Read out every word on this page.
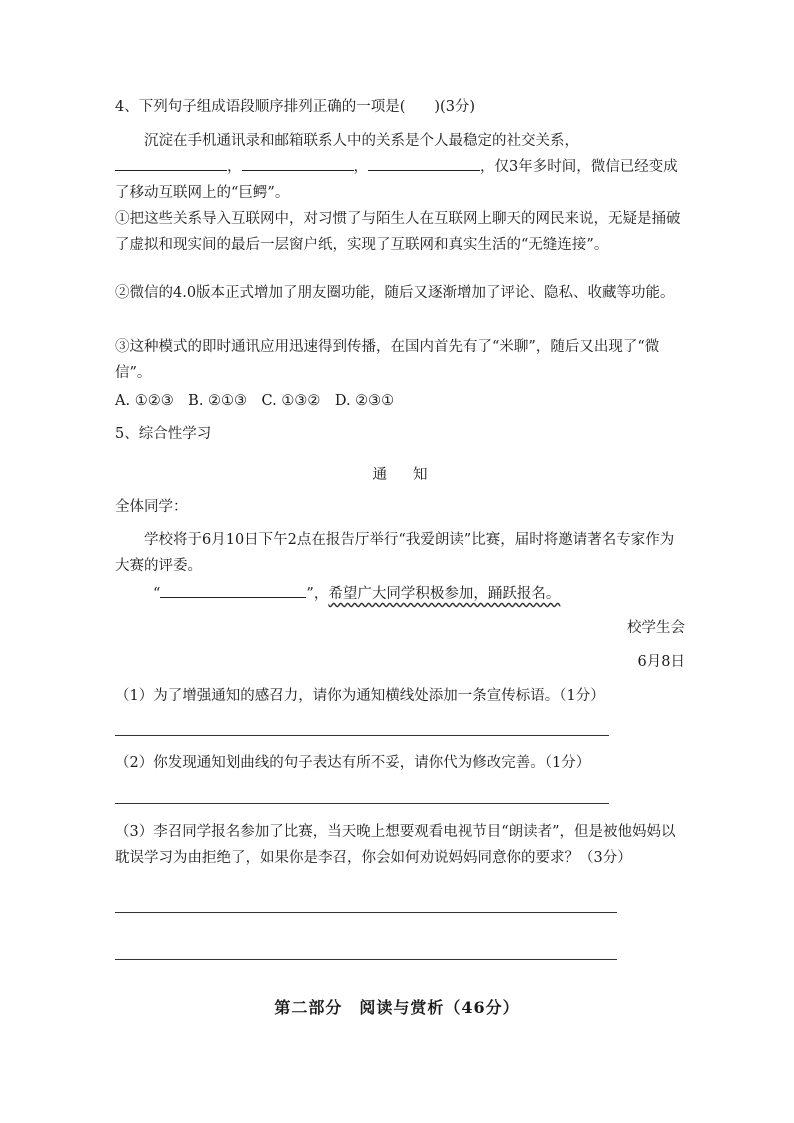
4、下列句子组成语段顺序排列正确的一项是(　　)(3分)

沉淀在手机通讯录和邮箱联系人中的关系是个人最稳定的社交关系，，	，	，仅3年多时间，微信已经变成了移动互联网上的“巨鳄”。

①把这些关系导入互联网中，对习惯了与陌生人在互联网上聊天的网民来说，无疑是捅破了虚拟和现实间的最后一层窗户纸，实现了互联网和真实生活的“无缝连接”。

②微信的4.0版本正式增加了朋友圈功能，随后又逐渐增加了评论、隐私、收藏等功能。

③这种模式的即时通讯应用迅速得到传播，在国内首先有了“米聊”，随后又出现了“微信”。

A. ①②③　B. ②①③　C. ①③②　D. ②③①

5、综合性学习

通 知

全体同学：

学校将于6月10日下午2点在报告厅举行“我爱朗读”比赛，届时将邀请著名专家作为大赛的评委。

“	”，希望广大同学积极参加，踊跃报名。

校学生会

6月8日

（1）为了增强通知的感召力，请你为通知横线处添加一条宣传标语。（1分）

（2）你发现通知划曲线的句子表达有所不妥，请你代为修改完善。（1分）

（3）李召同学报名参加了比赛，当天晚上想要观看电视节目“朗读者”，但是被他妈妈以耽误学习为由拒绝了，如果你是李召，你会如何劝说妈妈同意你的要求？（3分）

第二部分　阅读与赏析（46分）
